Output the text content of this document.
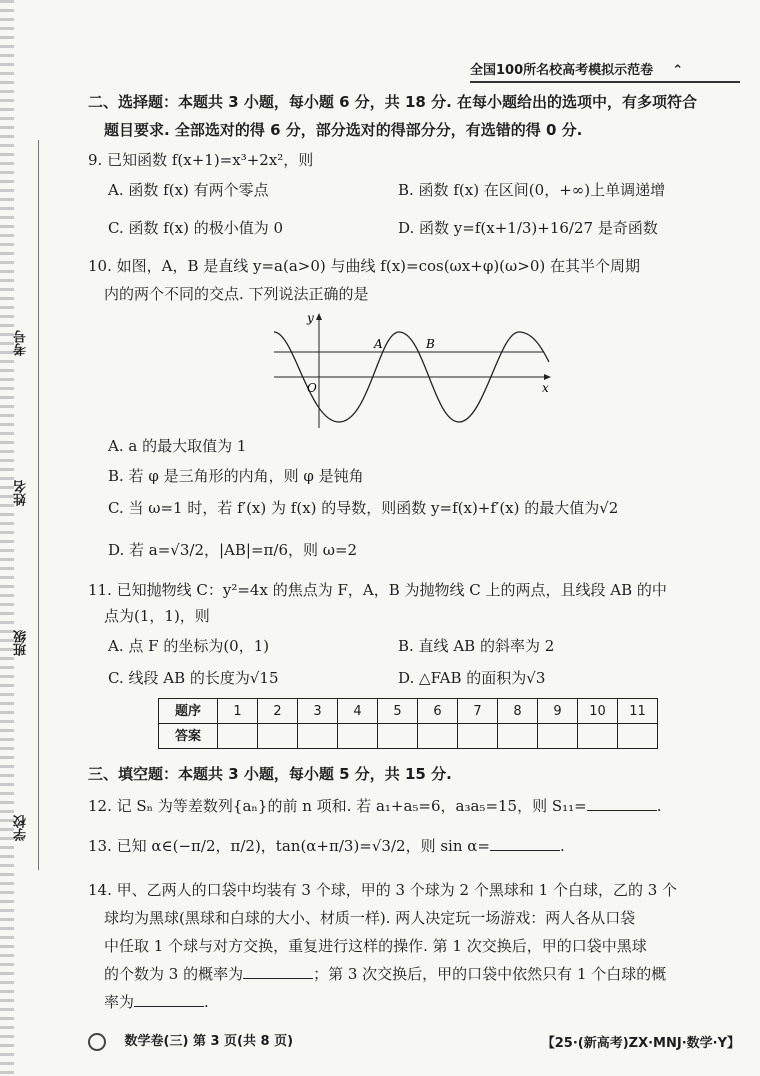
考号
姓名
班级
学校
全国100所名校高考模拟示范卷 ⌃
二、选择题：本题共 3 小题，每小题 6 分，共 18 分. 在每小题给出的选项中，有多项符合
题目要求. 全部选对的得 6 分，部分选对的得部分分，有选错的得 0 分.
9. 已知函数 f(x+1)=x³+2x²，则
A. 函数 f(x) 有两个零点	B. 函数 f(x) 在区间(0，+∞)上单调递增
C. 函数 f(x) 的极小值为 0	D. 函数 y=f(x+1/3)+16/27 是奇函数
10. 如图，A，B 是直线 y=a(a>0) 与曲线 f(x)=cos(ωx+φ)(ω>0) 在其半个周期
内的两个不同的交点. 下列说法正确的是
y
x
O
A	B
A. a 的最大取值为 1
B. 若 φ 是三角形的内角，则 φ 是钝角
C. 当 ω=1 时，若 f′(x) 为 f(x) 的导数，则函数 y=f(x)+f′(x) 的最大值为√2
D. 若 a=√3/2，|AB|=π/6，则 ω=2
11. 已知抛物线 C：y²=4x 的焦点为 F，A，B 为抛物线 C 上的两点，且线段 AB 的中
点为(1，1)，则
A. 点 F 的坐标为(0，1)	B. 直线 AB 的斜率为 2
C. 线段 AB 的长度为√15	D. △FAB 的面积为√3
题序	1	2	3	4	5	6	7	8	9	10	11
答案											
三、填空题：本题共 3 小题，每小题 5 分，共 15 分.
12. 记 Sₙ 为等差数列{aₙ}的前 n 项和. 若 a₁+a₅=6，a₃a₅=15，则 S₁₁=	.
13. 已知 α∈(−π/2，π/2)，tan(α+π/3)=√3/2，则 sin α=	.
14. 甲、乙两人的口袋中均装有 3 个球，甲的 3 个球为 2 个黑球和 1 个白球，乙的 3 个
球均为黑球(黑球和白球的大小、材质一样). 两人决定玩一场游戏：两人各从口袋
中任取 1 个球与对方交换，重复进行这样的操作. 第 1 次交换后，甲的口袋中黑球
的个数为 3 的概率为	；第 3 次交换后，甲的口袋中依然只有 1 个白球的概
率为	.
数学卷(三) 第 3 页(共 8 页)	【25·(新高考)ZX·MNJ·数学·Y】
